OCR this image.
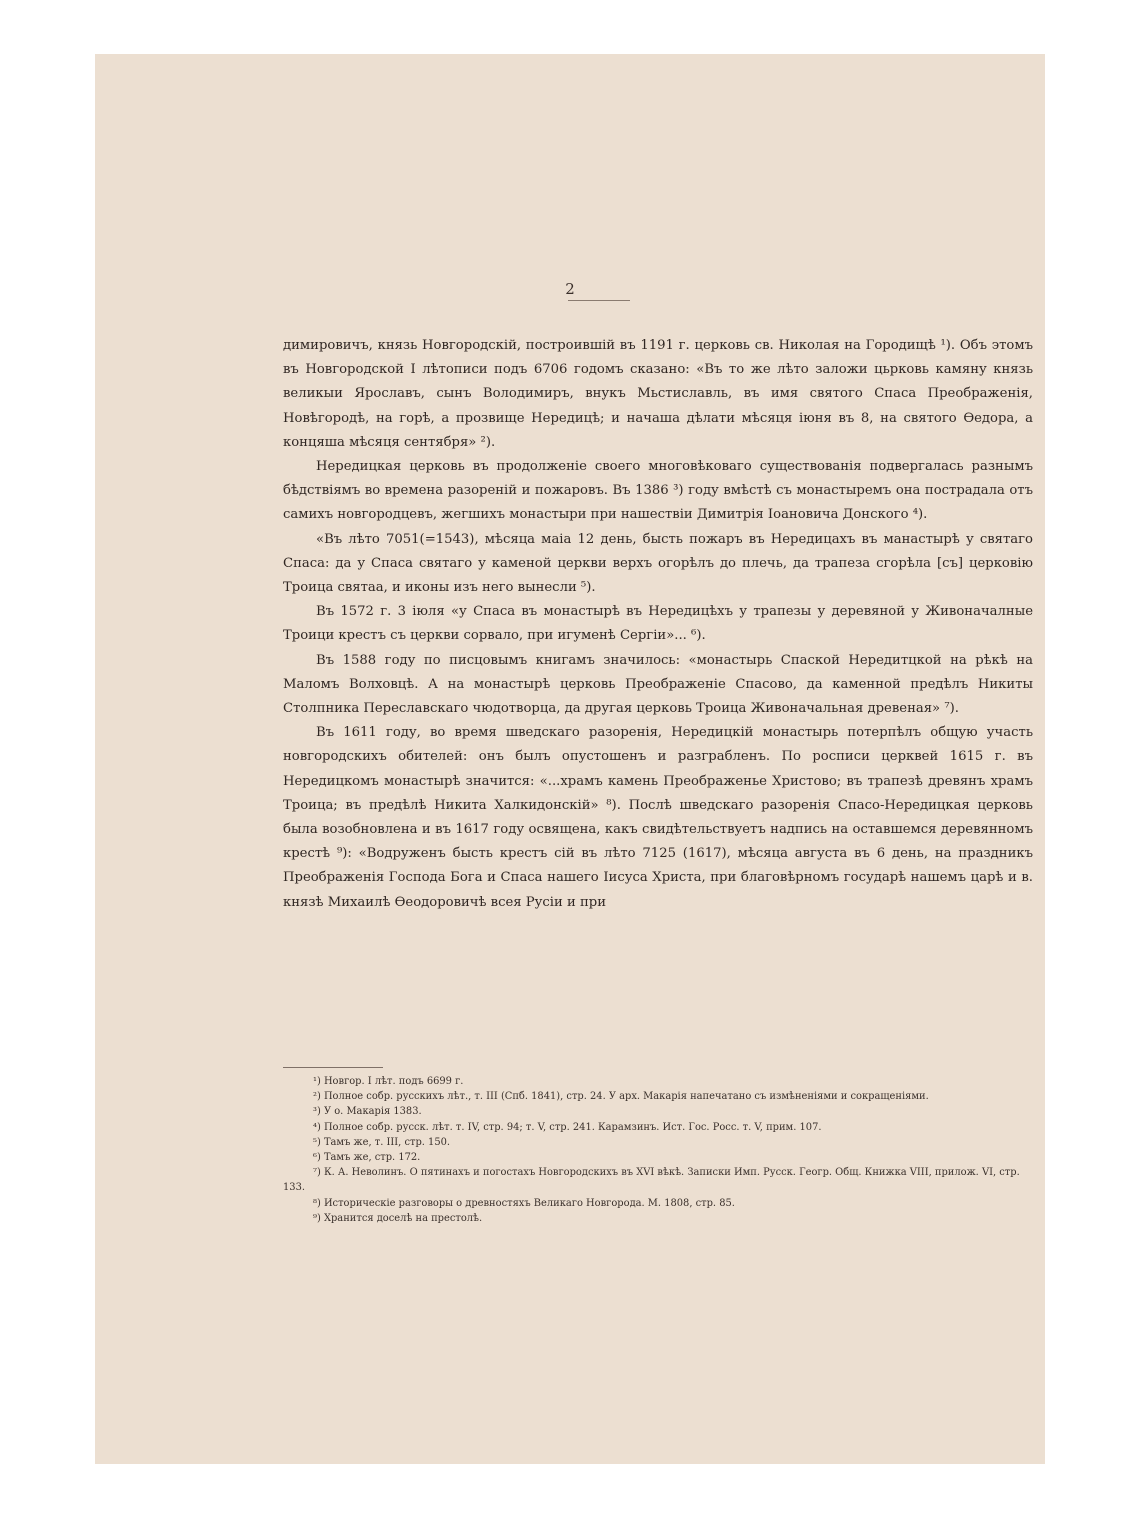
2

димировичъ, князь Новгородскій, построившій въ 1191 г. церковь св. Николая на Городищѣ ¹). Объ этомъ въ Новгородской I лѣтописи подъ 6706 годомъ сказано: «Въ то же лѣто заложи цьрковь камяну князь великыи Ярославъ, сынъ Володимиръ, внукъ Мьстиславль, въ имя святого Спаса Преображенія, Новѣгородѣ, на горѣ, а прозвище Нередицѣ; и начаша дѣлати мѣсяця іюня въ 8, на святого Ѳедора, а концяша мѣсяця сентября» ²).

Нередицкая церковь въ продолженіе своего многовѣковаго существованія подвергалась разнымъ бѣдствіямъ во времена разореній и пожаровъ. Въ 1386 ³) году вмѣстѣ съ монастыремъ она пострадала отъ самихъ новгородцевъ, жегшихъ монастыри при нашествіи Димитрія Іоановича Донского ⁴).

«Въ лѣто 7051(=1543), мѣсяца маіа 12 день, бысть пожаръ въ Нередицахъ въ манастырѣ у святаго Спаса: да у Спаса святаго у каменой церкви верхъ огорѣлъ до плечь, да трапеза сгорѣла [съ] церковію Троица святаа, и иконы изъ него вынесли ⁵).

Въ 1572 г. 3 іюля «у Спаса въ монастырѣ въ Нередицѣхъ у трапезы у деревяной у Живоначалные Троици крестъ съ церкви сорвало, при игуменѣ Сергіи»... ⁶).

Въ 1588 году по писцовымъ книгамъ значилось: «монастырь Спаской Нередитцкой на рѣкѣ на Маломъ Волховцѣ. А на монастырѣ церковь Преображеніе Спасово, да каменной предѣлъ Никиты Столпника Переславскаго чюдотворца, да другая церковь Троица Живоначальная древеная» ⁷).

Въ 1611 году, во время шведскаго разоренія, Нередицкій монастырь потерпѣлъ общую участь новгородскихъ обителей: онъ былъ опустошенъ и разграбленъ. По росписи церквей 1615 г. въ Нередицкомъ монастырѣ значится: «...храмъ камень Преображенье Христово; въ трапезѣ древянъ храмъ Троица; въ предѣлѣ Никита Халкидонскій» ⁸). Послѣ шведскаго разоренія Спасо-Нередицкая церковь была возобновлена и въ 1617 году освящена, какъ свидѣтельствуетъ надпись на оставшемся деревянномъ крестѣ ⁹): «Водруженъ бысть крестъ сій въ лѣто 7125 (1617), мѣсяца августа въ 6 день, на праздникъ Преображенія Господа Бога и Спаса нашего Іисуса Христа, при благовѣрномъ государѣ нашемъ царѣ и в. князѣ Михаилѣ Ѳеодоровичѣ всея Русіи и при

¹) Новгор. I лѣт. подъ 6699 г.

²) Полное собр. русскихъ лѣт., т. III (Спб. 1841), стр. 24. У арх. Макарія напечатано съ измѣненіями и сокращеніями.

³) У о. Макарія 1383.

⁴) Полное собр. русск. лѣт. т. IV, стр. 94; т. V, стр. 241. Карамзинъ. Ист. Гос. Росс. т. V, прим. 107.

⁵) Тамъ же, т. III, стр. 150.

⁶) Тамъ же, стр. 172.

⁷) К. А. Неволинъ. О пятинахъ и погостахъ Новгородскихъ въ XVI вѣкѣ. Записки Имп. Русск. Геогр. Общ. Книжка VIII, прилож. VI, стр. 133.

⁸) Историческіе разговоры о древностяхъ Великаго Новгорода. М. 1808, стр. 85.

⁹) Хранится доселѣ на престолѣ.
